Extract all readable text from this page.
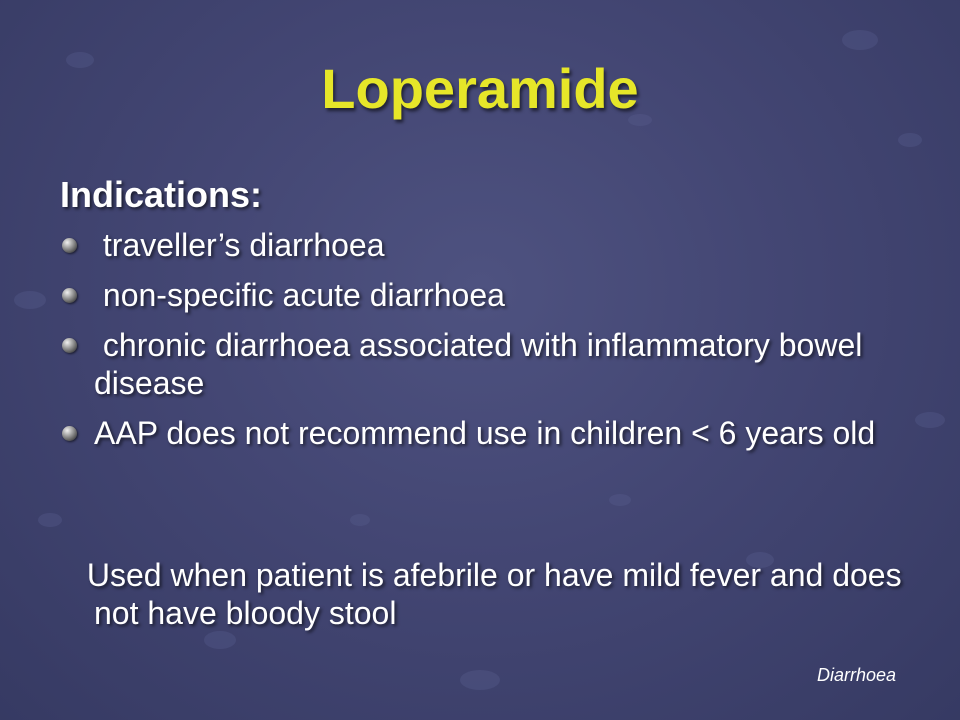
Loperamide
Indications:
traveller’s diarrhoea
non-specific acute diarrhoea
chronic diarrhoea associated with inflammatory bowel disease
AAP does not recommend use in children < 6 years old
Used when patient is afebrile or have mild fever and does not have bloody stool
Diarrhoea
